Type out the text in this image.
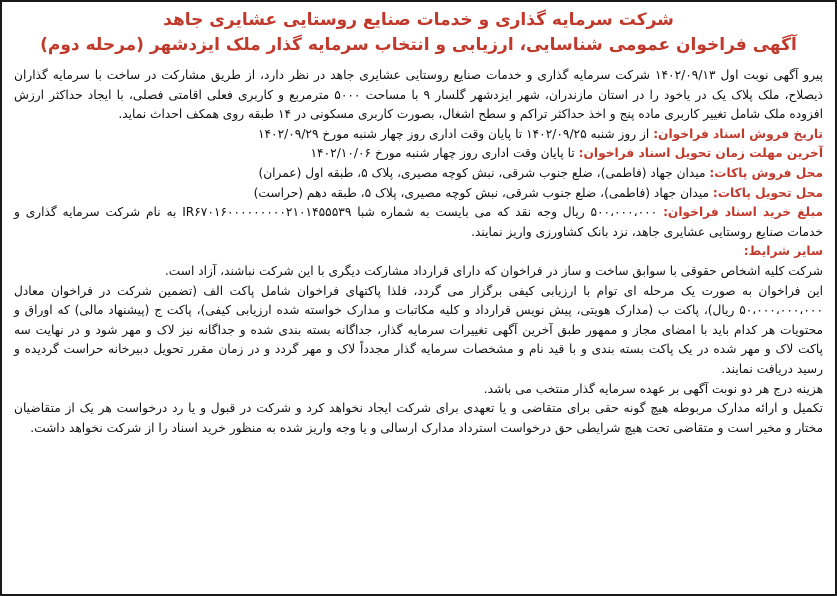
شرکت سرمایه گذاری و خدمات صنایع روستایی عشایری جاهد
آگهی فراخوان عمومی شناسایی، ارزیابی و انتخاب سرمایه گذار ملک ایزدشهر (مرحله دوم)

پیرو آگهی نوبت اول ۱۴۰۲/۰۹/۱۳ شرکت سرمایه گذاری و خدمات صنایع روستایی عشایری جاهد در نظر دارد، از طریق مشارکت در ساخت با سرمایه گذاران ذیصلاح، ملک پلاک یک در یاخود را در استان مازندران، شهر ایزدشهر گلسار ۹ با مساحت ۵۰۰۰ مترمربع و کاربری فعلی اقامتی فصلی، با ایجاد حداکثر ارزش افزوده ملک شامل تغییر کاربری ماده پنج و اخذ حداکثر تراکم و سطح اشغال، بصورت کاربری مسکونی در ۱۴ طبقه روی همکف احداث نماید.

تاریخ فروش اسناد فراخوان: از روز شنبه ۱۴۰۲/۰۹/۲۵ تا پایان وقت اداری روز چهار شنبه مورخ ۱۴۰۲/۰۹/۲۹

آخرین مهلت زمان تحویل اسناد فراخوان: تا پایان وقت اداری روز چهار شنبه مورخ ۱۴۰۲/۱۰/۰۶

محل فروش پاکات: میدان جهاد (فاطمی)، ضلع جنوب شرقی، نبش کوچه مصیری، پلاک ۵، طبقه اول (عمران)

محل تحویل پاکات: میدان جهاد (فاطمی)، ضلع جنوب شرقی، نبش کوچه مصیری، پلاک ۵، طبقه دهم (حراست)

مبلغ خرید اسناد فراخوان: ۵۰۰،۰۰۰،۰۰۰ ریال وجه نقد که می بایست به شماره شبا IR۶۷۰۱۶۰۰۰۰۰۰۰۰۰۲۱۰۱۴۵۵۵۳۹ به نام شرکت سرمایه گذاری و خدمات صنایع روستایی عشایری جاهد، نزد بانک کشاورزی واریز نمایند.

سایر شرایط:

شرکت کلیه اشخاص حقوقی با سوابق ساخت و ساز در فراخوان که دارای قرارداد مشارکت دیگری با این شرکت نباشند، آزاد است.

این فراخوان به صورت یک مرحله ای توام با ارزیابی کیفی برگزار می گردد، فلذا پاکتهای فراخوان شامل پاکت الف (تضمین شرکت در فراخوان معادل ۵۰،۰۰۰،۰۰۰،۰۰۰ ریال)، پاکت ب (مدارک هویتی، پیش نویس قرارداد و کلیه مکاتبات و مدارک خواسته شده ارزیابی کیفی)، پاکت ج (پیشنهاد مالی) که اوراق و محتویات هر کدام باید با امضای مجاز و ممهور طبق آخرین آگهی تغییرات سرمایه گذار، جداگانه بسته بندی شده و جداگانه نیز لاک و مهر شود و در نهایت سه پاکت لاک و مهر شده در یک پاکت بسته بندی و با قید نام و مشخصات سرمایه گذار مجدداً لاک و مهر گردد و در زمان مقرر تحویل دبیرخانه حراست گردیده و رسید دریافت نمایند.

هزینه درج هر دو نوبت آگهی بر عهده سرمایه گذار منتخب می باشد.

تکمیل و ارائه مدارک مربوطه هیچ گونه حقی برای متقاضی و یا تعهدی برای شرکت ایجاد نخواهد کرد و شرکت در قبول و یا رد درخواست هر یک از متقاضیان مختار و مخیر است و متقاضی تحت هیچ شرایطی حق درخواست استرداد مدارک ارسالی و یا وجه واریز شده به منظور خرید اسناد را از شرکت نخواهد داشت.
